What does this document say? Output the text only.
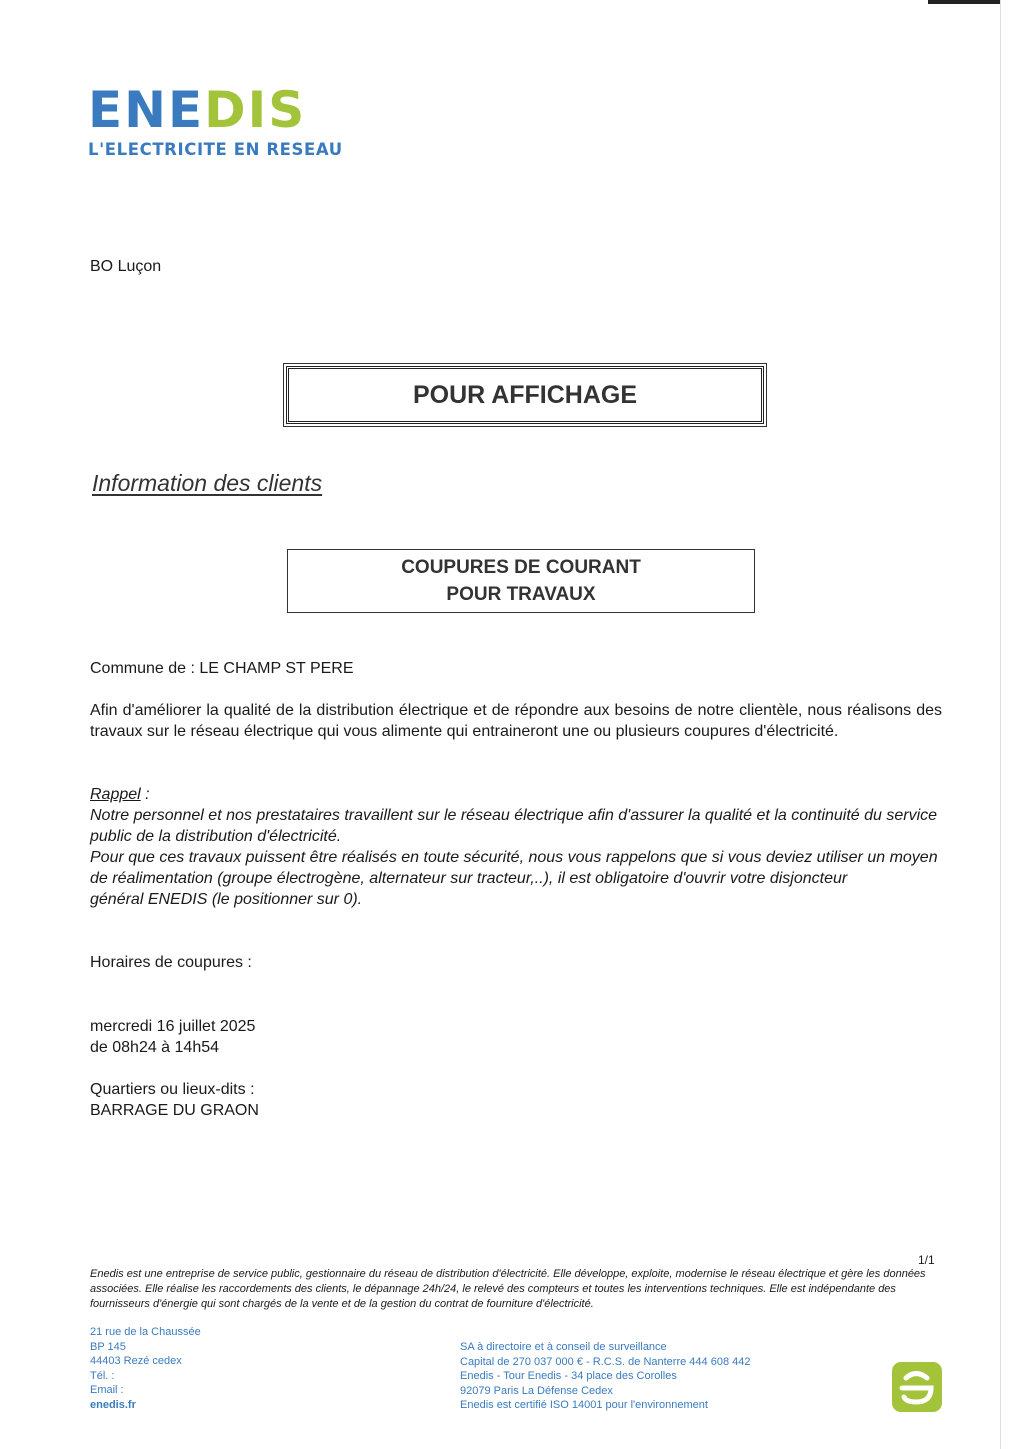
ENEDIS
L'ELECTRICITE EN RESEAU
BO Luçon
POUR AFFICHAGE
Information des clients
COUPURES DE COURANT
POUR TRAVAUX
Commune de : LE CHAMP ST PERE
Afin d'améliorer la qualité de la distribution électrique et de répondre aux besoins de notre clientèle, nous réalisons des travaux sur le réseau électrique qui vous alimente qui entraineront une ou plusieurs coupures d'électricité.
Rappel :
Notre personnel et nos prestataires travaillent sur le réseau électrique afin d'assurer la qualité et la continuité du service public de la distribution d'électricité.
Pour que ces travaux puissent être réalisés en toute sécurité, nous vous rappelons que si vous deviez utiliser un moyen de réalimentation (groupe électrogène, alternateur sur tracteur,..), il est obligatoire d'ouvrir votre disjoncteur
général ENEDIS (le positionner sur 0).
Horaires de coupures :
mercredi 16 juillet 2025
de 08h24 à 14h54
Quartiers ou lieux-dits :
BARRAGE DU GRAON
1/1
Enedis est une entreprise de service public, gestionnaire du réseau de distribution d'électricité. Elle développe, exploite, modernise le réseau électrique et gère les données associées. Elle réalise les raccordements des clients, le dépannage 24h/24, le relevé des compteurs et toutes les interventions techniques. Elle est indépendante des fournisseurs d'énergie qui sont chargés de la vente et de la gestion du contrat de fourniture d'électricité.
21 rue de la Chaussée
BP 145
44403 Rezé cedex
Tél. :
Email :
enedis.fr
SA à directoire et à conseil de surveillance
Capital de 270 037 000 € - R.C.S. de Nanterre 444 608 442
Enedis - Tour Enedis - 34 place des Corolles
92079 Paris La Défense Cedex
Enedis est certifié ISO 14001 pour l'environnement
